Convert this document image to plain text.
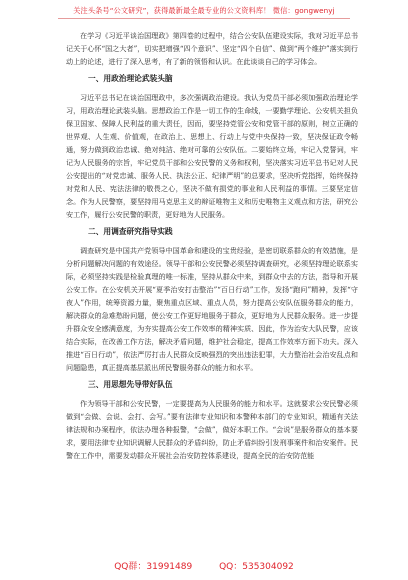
关注头条号“公文研究”，获得最新最全最专业的公文资料库！ 微信：gongwenyj

在学习《习近平谈治国理政》第四卷的过程中，结合公安队伍建设实际，我对习近平总书记关于心怀“国之大者”，切实把增强“四个意识”、坚定“四个自信”、做到“两个维护”落实到行动上的论述，进行了深入思考，有了新的领悟和认识。在此谈谈自己的学习体会。

一、用政治理论武装头脑

习近平总书记在谈治国理政中，多次强调政治建设。我认为党员干部必须加强政治理论学习，用政治理论武装头脑。思想政治工作是一切工作的生命线，一要勤学理论、公安机关担负保卫国家、保障人民利益的重大责任，因而，要坚持党管公安和党管干部的原则，树立正确的世界观、人生观、价值观，在政治上、思想上、行动上与党中央保持一致，坚决保证政令畅通，努力做到政治忠诚、绝对纯洁、绝对可靠的公安队伍。二要始终立场，牢记入党誓词，牢记为人民服务的宗旨，牢记党员干部和公安民警的义务和权利，坚决落实习近平总书记对人民公安提出的“对党忠诚、服务人民、执法公正、纪律严明”的总要求，坚决听党指挥，始终保持对党和人民、宪法法律的敬畏之心，坚决不做有损党的事业和人民利益的事情。三要坚定信念。作为人民警察，要坚持用马克思主义的辩证唯物主义和历史唯物主义观点和方法，研究公安工作，履行公安民警的职责，更好地为人民服务。

二、用调查研究指导实践

调查研究是中国共产党领导中国革命和建设的宝贵经验，是密切联系群众的有效措施，是分析问题解决问题的有效途径。领导干部和公安民警必须坚持调查研究，必须坚持理论联系实际，必须坚持实践是检验真理的唯一标准，坚持从群众中来，到群众中去的方法，指导和开展公安工作。在公安机关开展“夏季治安打击整治”“百日行动”工作，发扬“跑问”精神，发挥“守夜人”作用，统筹资源力量，聚焦重点区域、重点人员，努力提高公安队伍服务群众的能力，解决群众的急难愁盼问题，使公安工作更好地服务于群众，更好地为人民群众服务。进一步提升群众安全感满意度，为夯实提高公安工作效率的精神实质、因此，作为治安大队民警，应该结合实际，在改善工作方法，解决矛盾问题，维护社会稳定，提高工作效率方面下功夫。深入推进“百日行动”，依法严厉打击人民群众反映强烈的突出违法犯罪，大力整治社会治安乱点和问题隐患，真正提高基层派出所民警服务群众的能力和水平。

三、用思想先导带好队伍

作为领导干部和公安民警，一定要提高为人民服务的能力和水平。这就要求公安民警必须做到“会做、会说、会打、会写。”要有法律专业知识和本警种本部门的专业知识，精通有关法律法规和办案程序，依法办理各种报警，“会做”，做好本职工作。“会说”是服务群众的基本要求，要用法律专业知识调解人民群众的矛盾纠纷，防止矛盾纠纷引发刑事案件和治安案件。民警在工作中，需要发动群众开展社会治安防控体系建设，提高全民的治安防范能

QQ群：31991489	QQ：535304092
